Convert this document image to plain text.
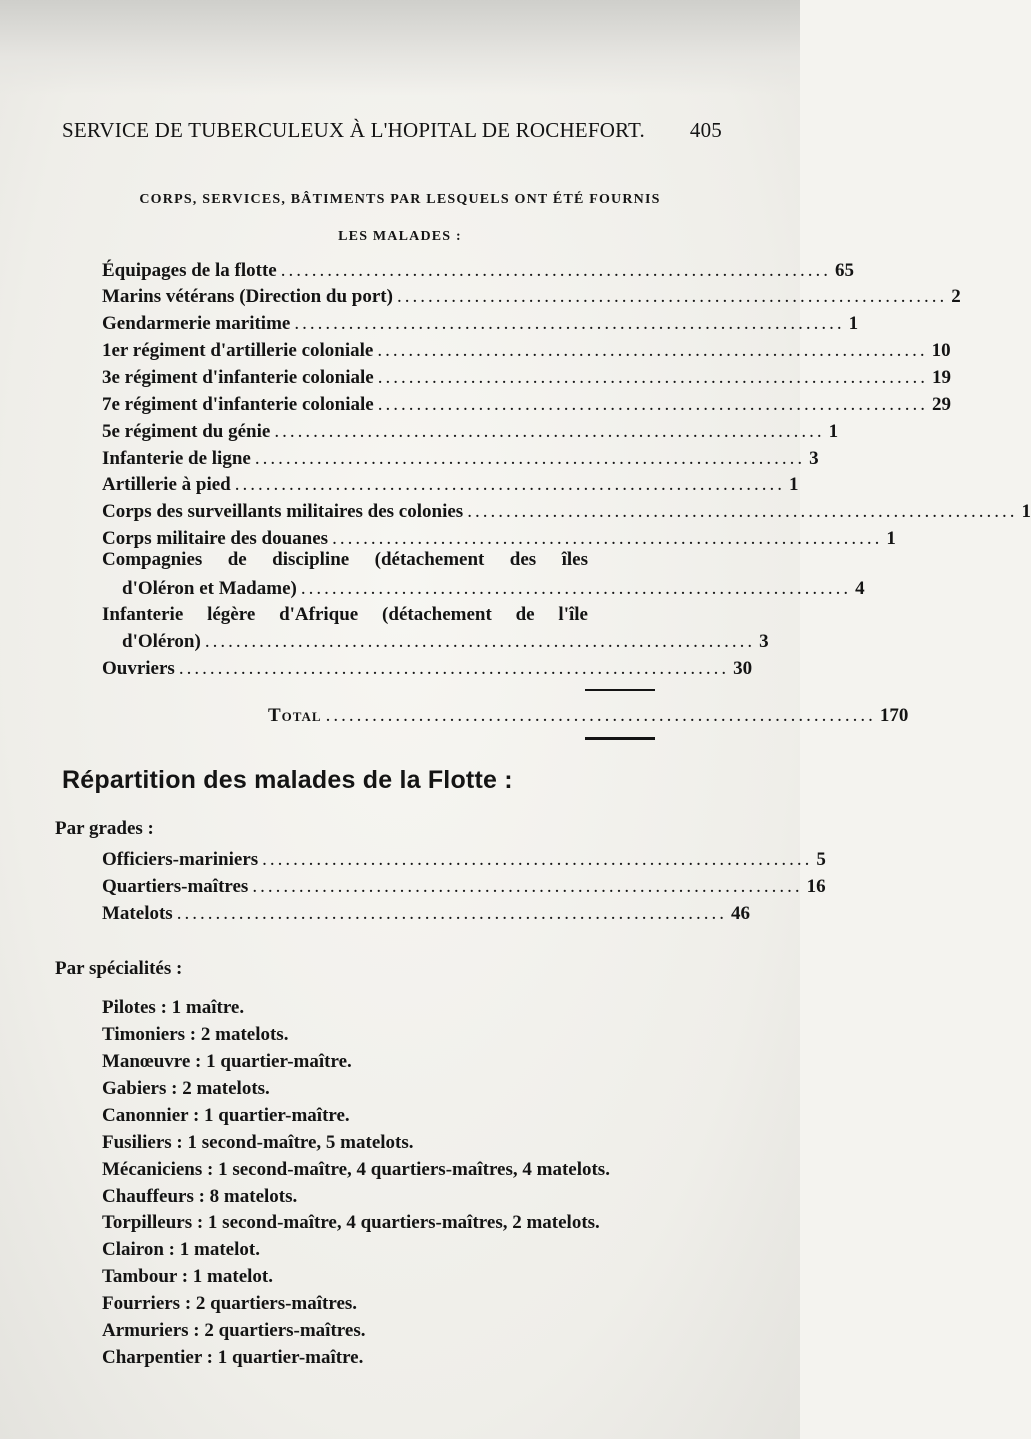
SERVICE DE TUBERCULEUX À L'HOPITAL DE ROCHEFORT. 405
CORPS, SERVICES, BÂTIMENTS PAR LESQUELS ONT ÉTÉ FOURNIS
LES MALADES :
Équipages de la flotte ....................................................................... 65
Marins vétérans (Direction du port) ....................................................................... 2
Gendarmerie maritime ....................................................................... 1
1er régiment d'artillerie coloniale ....................................................................... 10
3e régiment d'infanterie coloniale ....................................................................... 19
7e régiment d'infanterie coloniale ....................................................................... 29
5e régiment du génie ....................................................................... 1
Infanterie de ligne ....................................................................... 3
Artillerie à pied ....................................................................... 1
Corps des surveillants militaires des colonies ....................................................................... 1
Corps militaire des douanes ....................................................................... 1
Compagnies de discipline (détachement des îles
d'Oléron et Madame) ....................................................................... 4
Infanterie légère d'Afrique (détachement de l'île
d'Oléron) ....................................................................... 3
Ouvriers ....................................................................... 30
Total ....................................................................... 170
Répartition des malades de la Flotte :
Par grades :
Officiers-mariniers ....................................................................... 5
Quartiers-maîtres ....................................................................... 16
Matelots ....................................................................... 46
Par spécialités :
Pilotes : 1 maître.
Timoniers : 2 matelots.
Manœuvre : 1 quartier-maître.
Gabiers : 2 matelots.
Canonnier : 1 quartier-maître.
Fusiliers : 1 second-maître, 5 matelots.
Mécaniciens : 1 second-maître, 4 quartiers-maîtres, 4 matelots.
Chauffeurs : 8 matelots.
Torpilleurs : 1 second-maître, 4 quartiers-maîtres, 2 matelots.
Clairon : 1 matelot.
Tambour : 1 matelot.
Fourriers : 2 quartiers-maîtres.
Armuriers : 2 quartiers-maîtres.
Charpentier : 1 quartier-maître.
